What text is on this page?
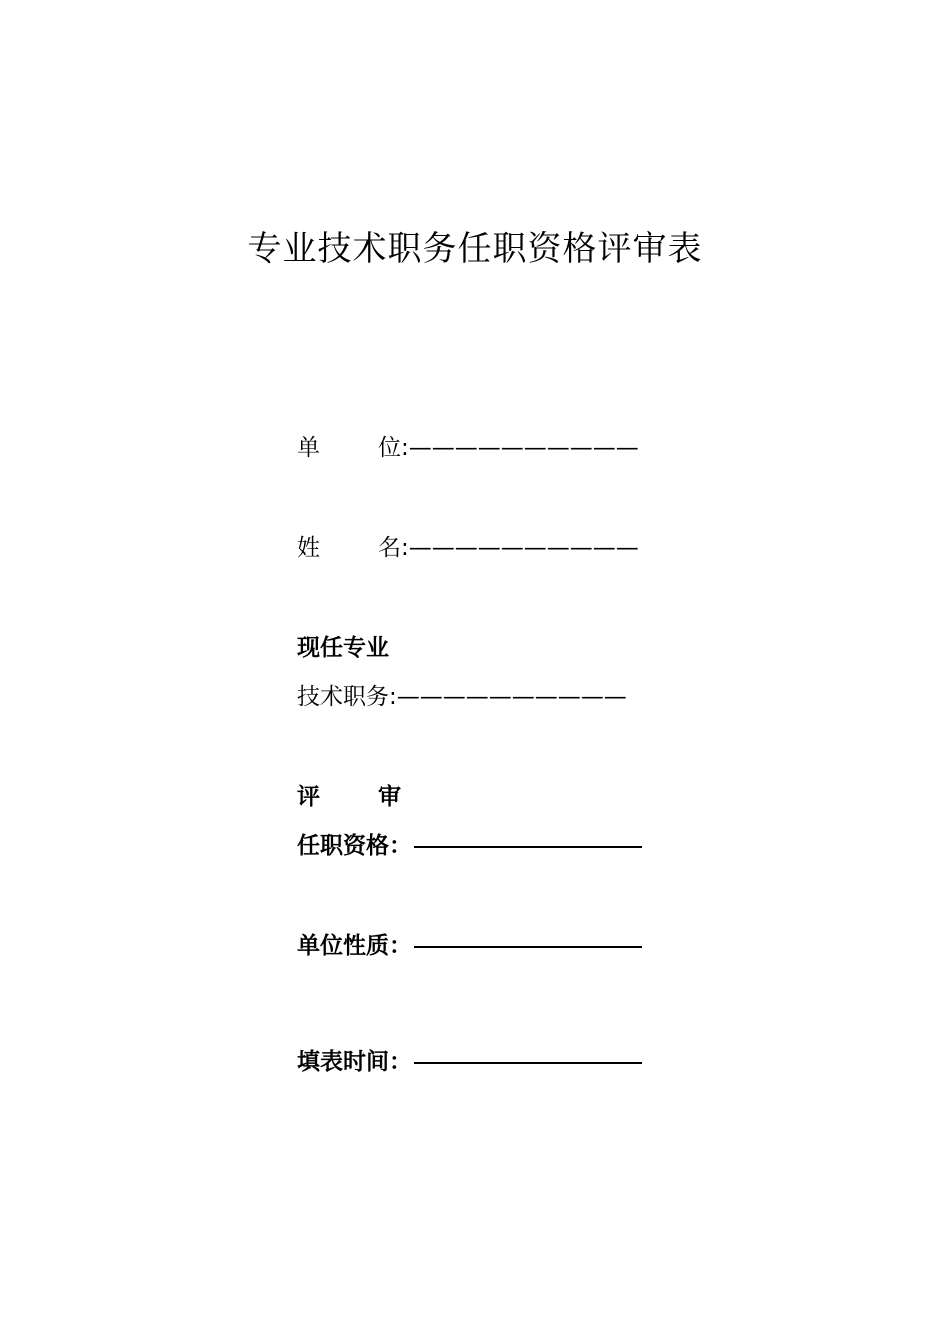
专业技术职务任职资格评审表
单	位 :——————————
姓	名 :——————————
现任专业
技术职务:——————————
评	审
任职资格：
单位性质：
填表时间：
